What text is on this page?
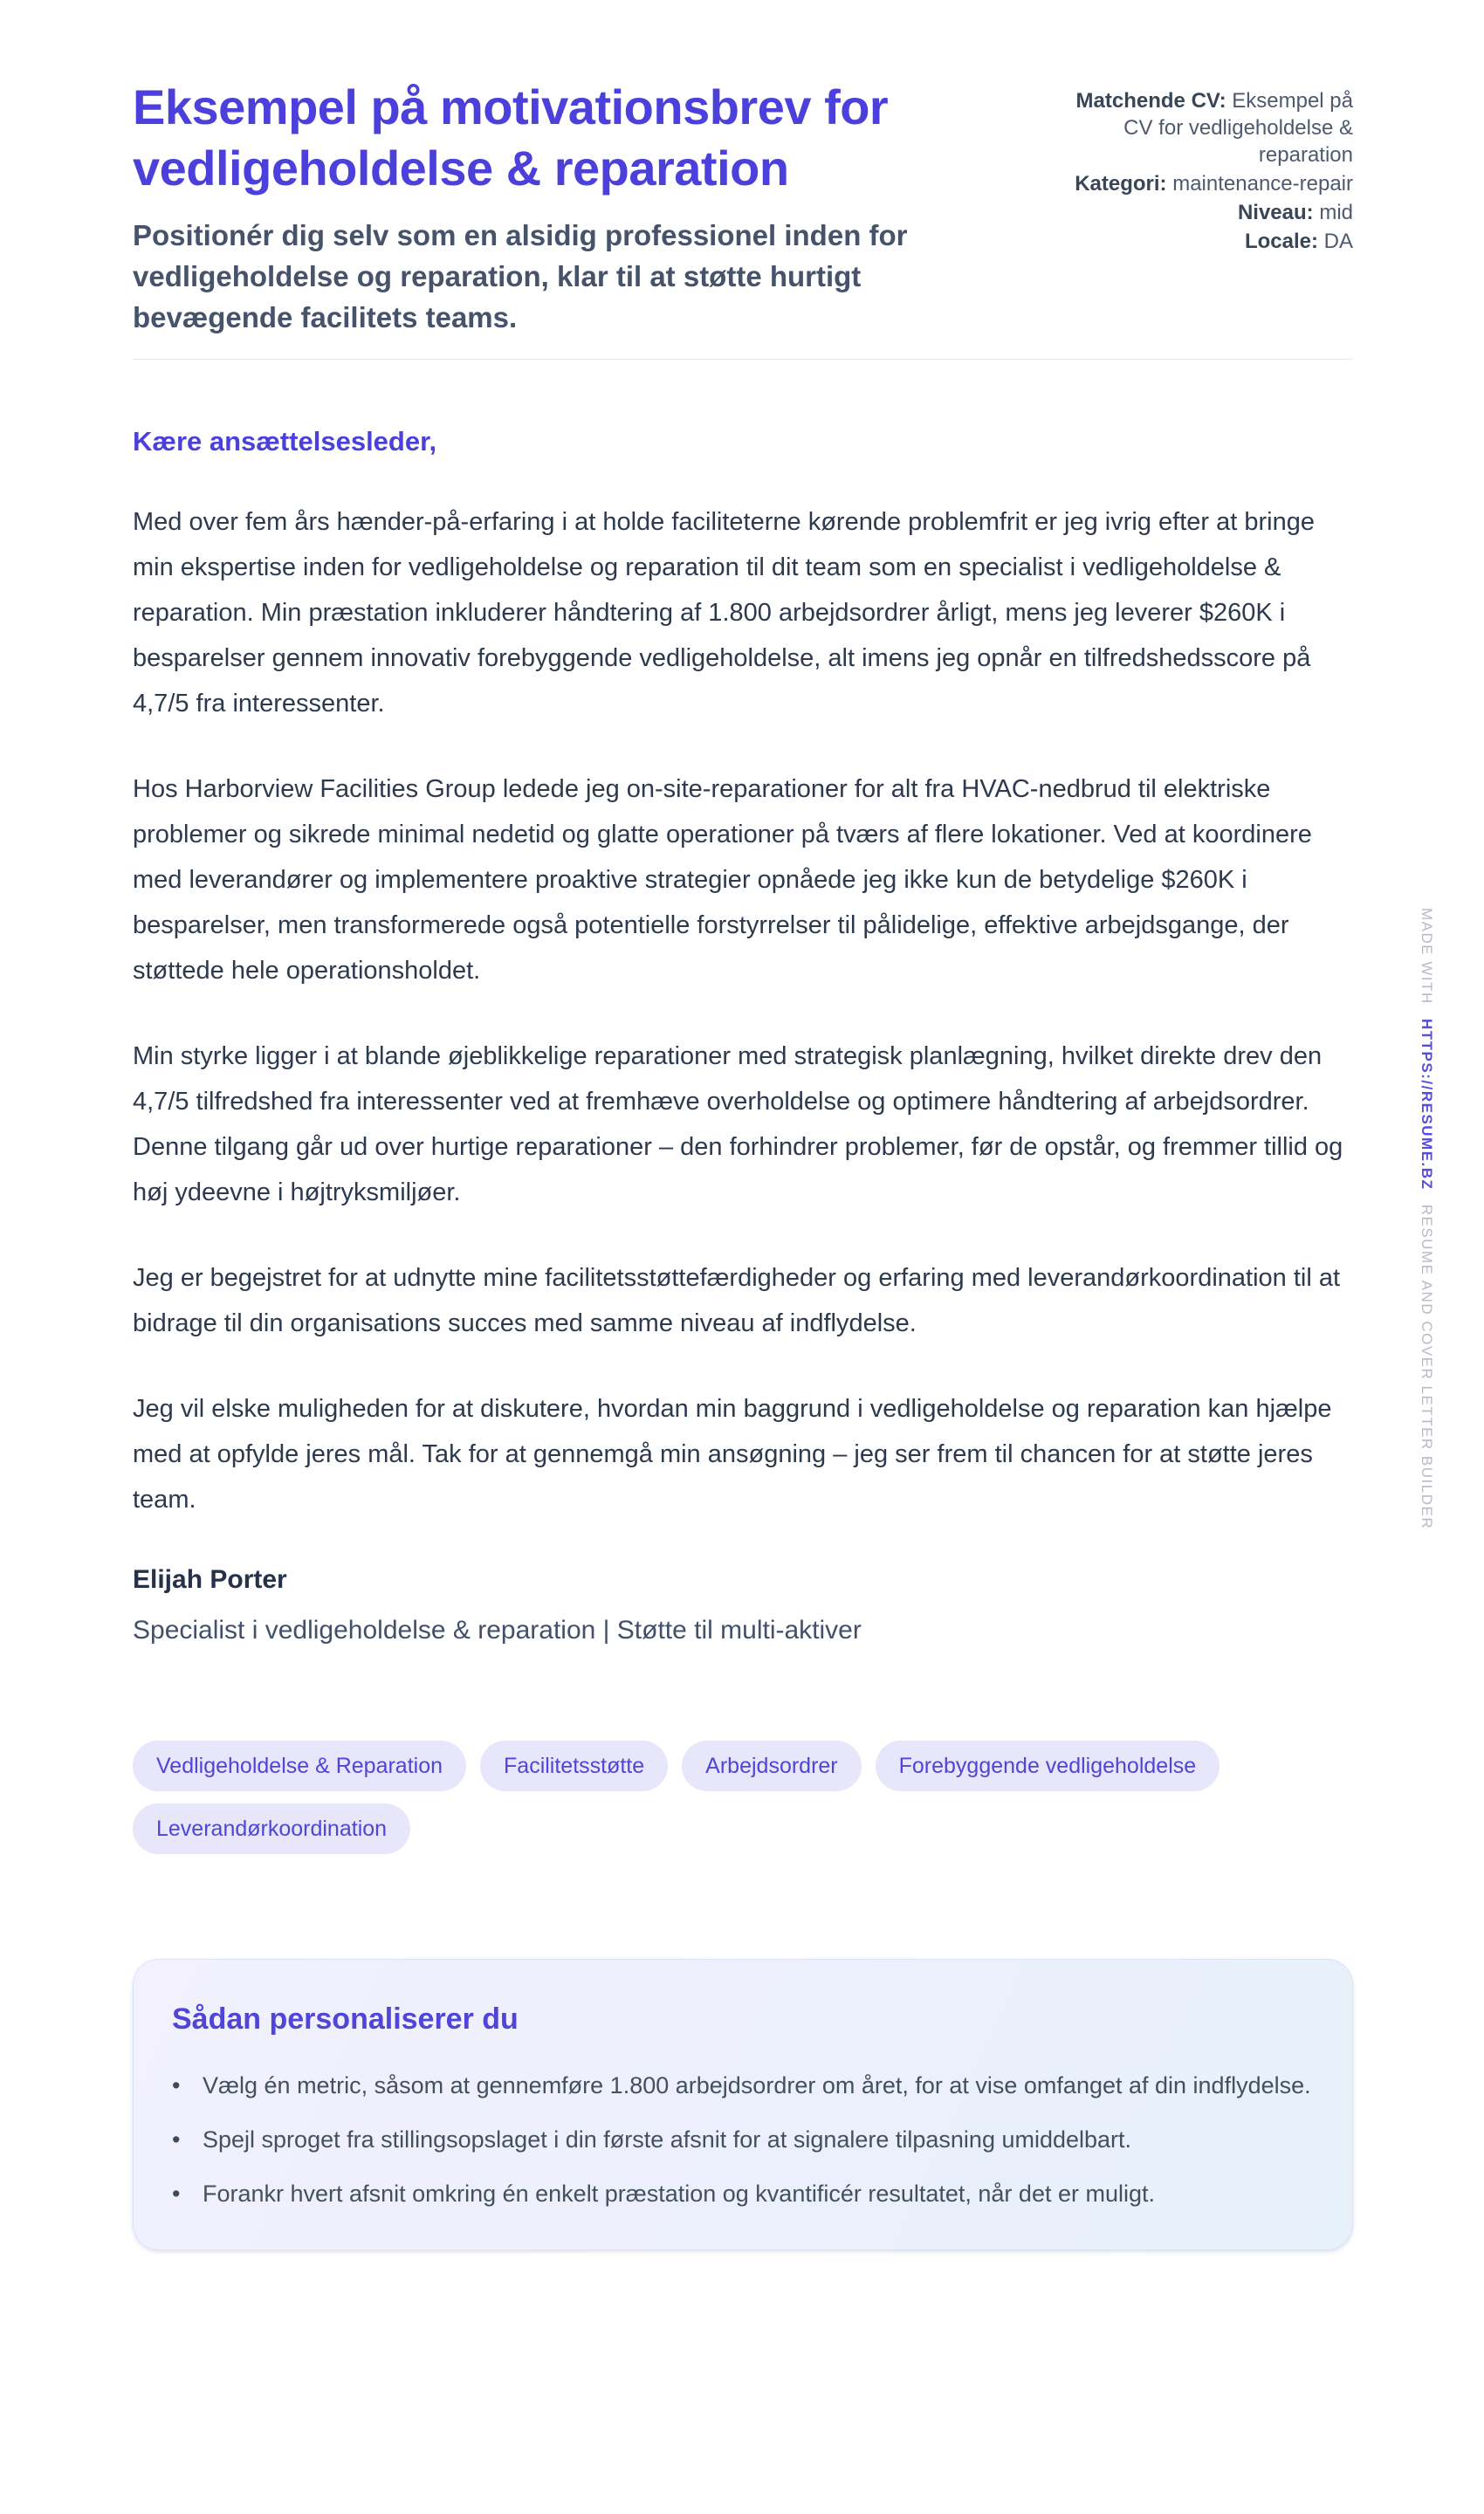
Eksempel på motivationsbrev for vedligeholdelse & reparation

Positionér dig selv som en alsidig professionel inden for vedligeholdelse og reparation, klar til at støtte hurtigt bevægende facilitets teams.

Matchende CV: Eksempel på CV for vedligeholdelse & reparation
Kategori: maintenance-repair
Niveau: mid
Locale: DA

Kære ansættelsesleder,

Med over fem års hænder-på-erfaring i at holde faciliteterne kørende problemfrit er jeg ivrig efter at bringe min ekspertise inden for vedligeholdelse og reparation til dit team som en specialist i vedligeholdelse & reparation. Min præstation inkluderer håndtering af 1.800 arbejdsordrer årligt, mens jeg leverer $260K i besparelser gennem innovativ forebyggende vedligeholdelse, alt imens jeg opnår en tilfredshedsscore på 4,7/5 fra interessenter.

Hos Harborview Facilities Group ledede jeg on-site-reparationer for alt fra HVAC-nedbrud til elektriske problemer og sikrede minimal nedetid og glatte operationer på tværs af flere lokationer. Ved at koordinere med leverandører og implementere proaktive strategier opnåede jeg ikke kun de betydelige $260K i besparelser, men transformerede også potentielle forstyrrelser til pålidelige, effektive arbejdsgange, der støttede hele operationsholdet.

Min styrke ligger i at blande øjeblikkelige reparationer med strategisk planlægning, hvilket direkte drev den 4,7/5 tilfredshed fra interessenter ved at fremhæve overholdelse og optimere håndtering af arbejdsordrer. Denne tilgang går ud over hurtige reparationer – den forhindrer problemer, før de opstår, og fremmer tillid og høj ydeevne i højtryksmiljøer.

Jeg er begejstret for at udnytte mine facilitetsstøttefærdigheder og erfaring med leverandørkoordination til at bidrage til din organisations succes med samme niveau af indflydelse.

Jeg vil elske muligheden for at diskutere, hvordan min baggrund i vedligeholdelse og reparation kan hjælpe med at opfylde jeres mål. Tak for at gennemgå min ansøgning – jeg ser frem til chancen for at støtte jeres team.

Elijah Porter
Specialist i vedligeholdelse & reparation | Støtte til multi-aktiver
Vedligeholdelse & Reparation	Facilitetsstøtte	Arbejdsordrer	Forebyggende vedligeholdelse
Leverandørkoordination
Sådan personaliserer du
• Vælg én metric, såsom at gennemføre 1.800 arbejdsordrer om året, for at vise omfanget af din indflydelse.
• Spejl sproget fra stillingsopslaget i din første afsnit for at signalere tilpasning umiddelbart.
• Forankr hvert afsnit omkring én enkelt præstation og kvantificér resultatet, når det er muligt.
MADE WITH HTTPS://RESUME.BZ RESUME AND COVER LETTER BUILDER
